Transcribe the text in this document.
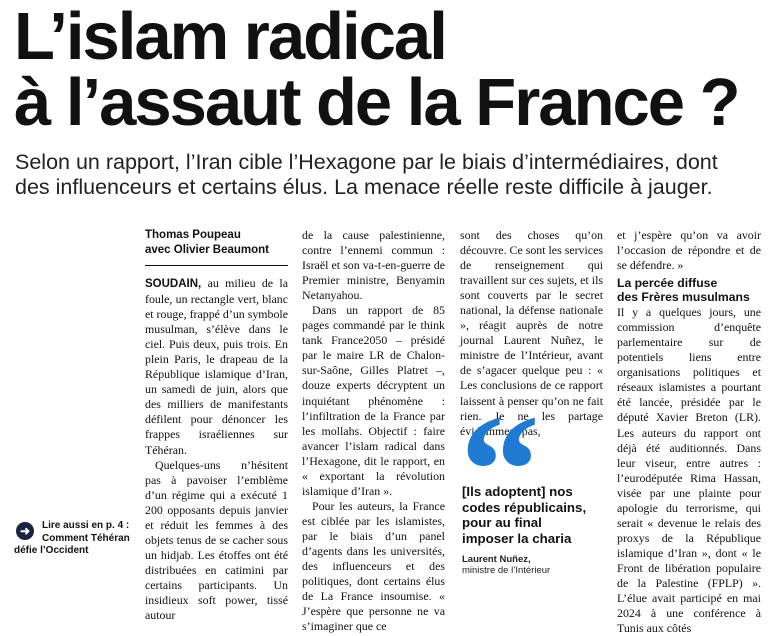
L’islam radical
à l’assaut de la France ?

Selon un rapport, l’Iran cible l’Hexagone par le biais d’intermédiaires, dont
des influenceurs et certains élus. La menace réelle reste difficile à jauger.

Thomas Poupeau
avec Olivier Beaumont

SOUDAIN, au milieu de la foule, un rectangle vert, blanc et rouge, frappé d’un symbole musulman, s’élève dans le ciel. Puis deux, puis trois. En plein Paris, le drapeau de la République islamique d’Iran, un samedi de juin, alors que des milliers de manifestants défilent pour dénoncer les frappes israéliennes sur Téhéran.

Quelques-uns n’hésitent pas à pavoiser l’emblème d’un régime qui a exécuté 1 200 opposants depuis janvier et réduit les femmes à des objets tenus de se cacher sous un hidjab. Les étoffes ont été distribuées en catimini par certains participants. Un insidieux soft power, tissé autour

de la cause palestinienne, contre l’ennemi commun : Israël et son va-t-en-guerre de Premier ministre, Benyamin Netanyahou.

Dans un rapport de 85 pages commandé par le think tank France2050 – présidé par le maire LR de Chalon-sur-Saône, Gilles Platret –, douze experts décryptent un inquiétant phénomène : l’infiltration de la France par les mollahs. Objectif : faire avancer l’islam radical dans l’Hexagone, dit le rapport, en « exportant la révolution islamique d’Iran ».

Pour les auteurs, la France est ciblée par les islamistes, par le biais d’un panel d’agents dans les universités, des influenceurs et des politiques, dont certains élus de La France insoumise. « J’espère que personne ne va s’imaginer que ce

sont des choses qu’on découvre. Ce sont les services de renseignement qui travaillent sur ces sujets, et ils sont couverts par le secret national, la défense nationale », réagit auprès de notre journal Laurent Nuñez, le ministre de l’Intérieur, avant de s’agacer quelque peu : « Les conclusions de ce rapport laissent à penser qu’on ne fait rien. Je ne les partage évidemment pas,

et j’espère qu’on va avoir l’occasion de répondre et de se défendre. »

La percée diffuse
des Frères musulmans

Il y a quelques jours, une commission d’enquête parlementaire sur de potentiels liens entre organisations politiques et réseaux islamistes a pourtant été lancée, présidée par le député Xavier Breton (LR). Les auteurs du rapport ont déjà été auditionnés. Dans leur viseur, entre autres : l’eurodéputée Rima Hassan, visée par une plainte pour apologie du terrorisme, qui serait « devenue le relais des proxys de la République islamique d’Iran », dont « le Front de libération populaire de la Palestine (FPLP) ». L’élue avait participé en mai 2024 à une conférence à Tunis aux côtés

[Ils adoptent] nos
codes républicains,
pour au final
imposer la charia
Laurent Nuñez,
ministre de l’Intérieur
➜	Lire aussi en p. 4 :
Comment Téhéran
défie l’Occident
